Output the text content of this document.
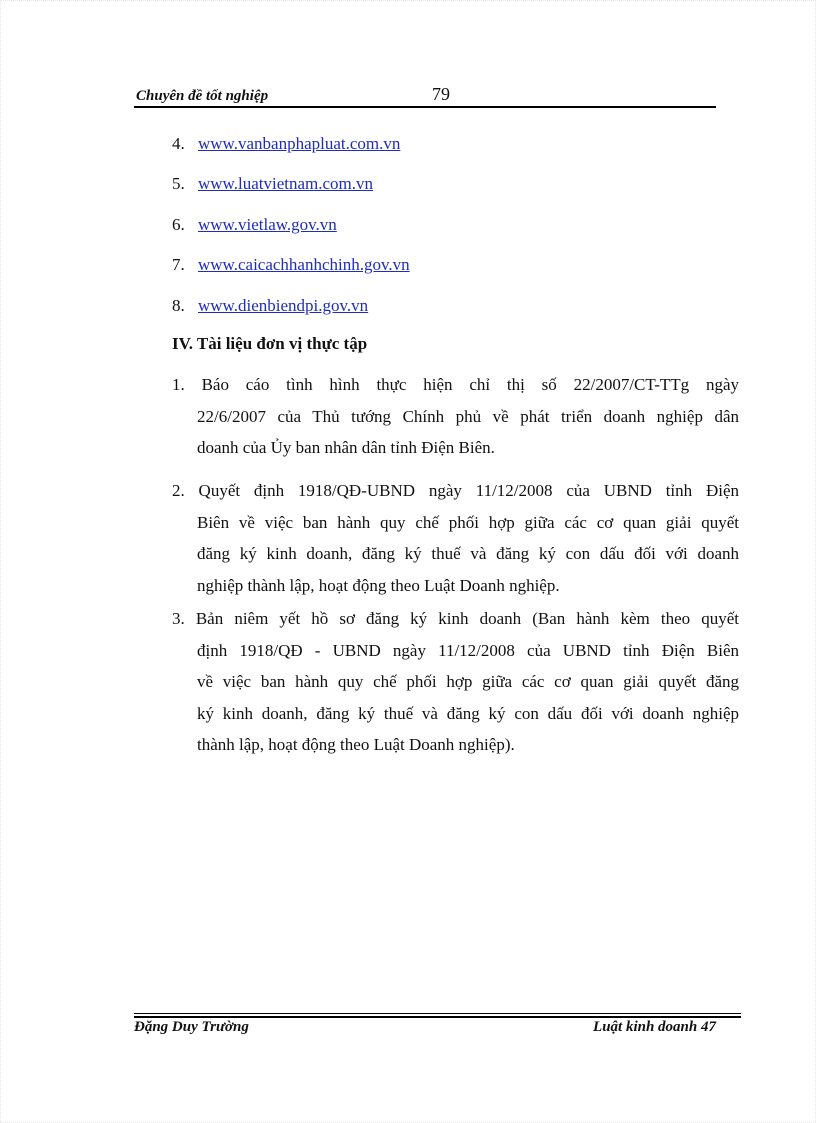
Chuyên đề tốt nghiệp	79
4. www.vanbanphapluat.com.vn
5. www.luatvietnam.com.vn
6. www.vietlaw.gov.vn
7. www.caicachhanhchinh.gov.vn
8. www.dienbiendpi.gov.vn
IV. Tài liệu đơn vị thực tập
1. Báo cáo tình hình thực hiện chỉ thị số 22/2007/CT-TTg ngày
22/6/2007 của Thủ tướng Chính phủ về phát triển doanh nghiệp dân
doanh của Ủy ban nhân dân tỉnh Điện Biên.
2. Quyết định 1918/QĐ-UBND ngày 11/12/2008 của UBND tỉnh Điện
Biên về việc ban hành quy chế phối hợp giữa các cơ quan giải quyết
đăng ký kinh doanh, đăng ký thuế và đăng ký con dấu đối với doanh
nghiệp thành lập, hoạt động theo Luật Doanh nghiệp.
3. Bản niêm yết hồ sơ đăng ký kinh doanh (Ban hành kèm theo quyết
định 1918/QĐ - UBND ngày 11/12/2008 của UBND tỉnh Điện Biên
về việc ban hành quy chế phối hợp giữa các cơ quan giải quyết đăng
ký kinh doanh, đăng ký thuế và đăng ký con dấu đối với doanh nghiệp
thành lập, hoạt động theo Luật Doanh nghiệp).
Đặng Duy Trường	Luật kinh doanh 47
